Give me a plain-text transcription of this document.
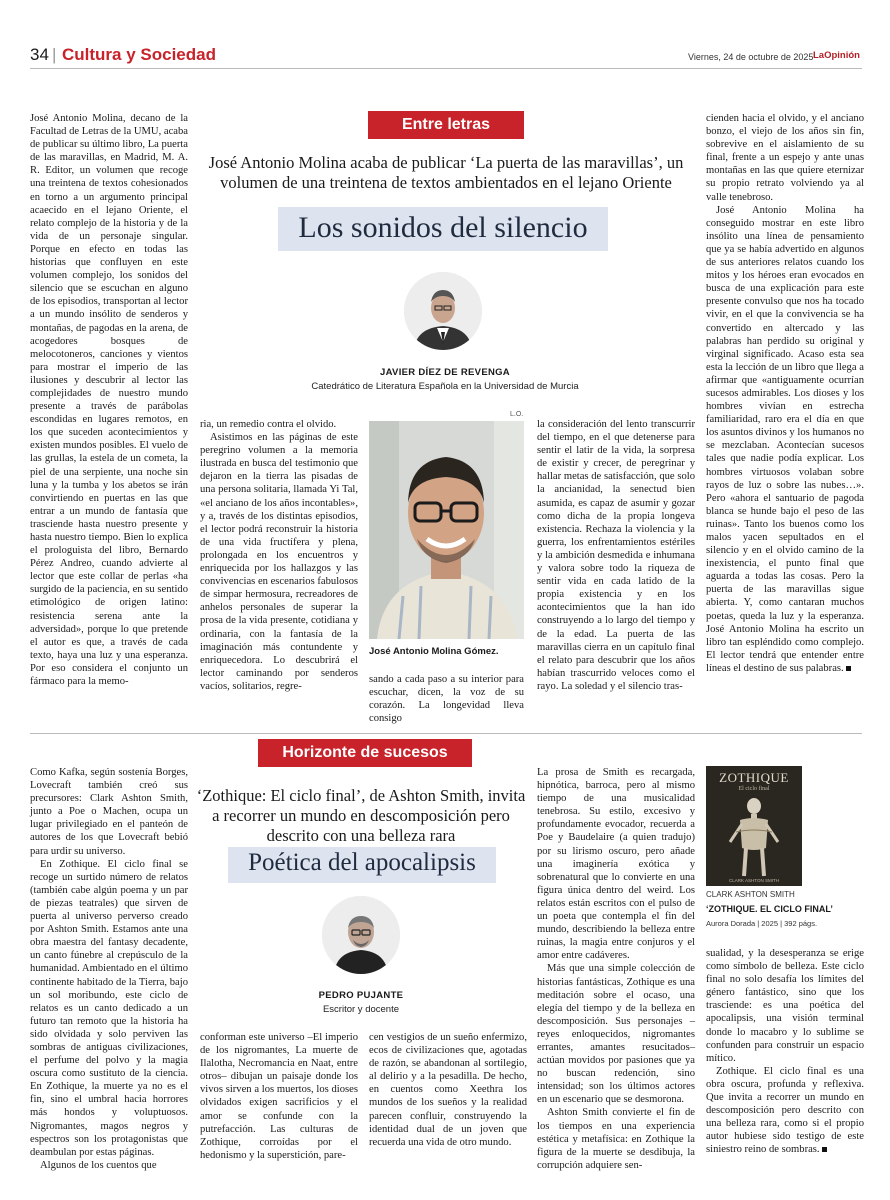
34 | Cultura y Sociedad	Viernes, 24 de octubre de 2025 LaOpinión

José Antonio Molina, decano de la Facultad de Letras de la UMU, acaba de publicar su último libro, La puerta de las maravillas, en Madrid, M. A. R. Editor, un volumen que recoge una treintena de textos cohesionados en torno a un argumento principal acaecido en el lejano Oriente, el relato complejo de la historia y de la vida de un personaje singular. Porque en efecto en todas las historias que confluyen en este volumen complejo, los sonidos del silencio que se escuchan en alguno de los episodios, transportan al lector a un mundo insólito de senderos y montañas, de pagodas en la arena, de acogedores bosques de melocotoneros, canciones y vientos para mostrar el imperio de las ilusiones y descubrir al lector las complejidades de nuestro mundo presente a través de parábolas escondidas en lugares remotos, en los que suceden acontecimientos y existen mundos posibles. El vuelo de las grullas, la estela de un cometa, la piel de una serpiente, una noche sin luna y la tumba y los abetos se irán convirtiendo en puertas en las que entrar a un mundo de fantasía que trasciende hasta nuestro presente y hasta nuestro tiempo. Bien lo explica el prologuista del libro, Bernardo Pérez Andreo, cuando advierte al lector que este collar de perlas «ha surgido de la paciencia, en su sentido etimológico de origen latino: resistencia serena ante la adversidad», porque lo que pretende el autor es que, a través de cada texto, haya una luz y una esperanza. Por eso considera el conjunto un fármaco para la memo-

Entre letras
José Antonio Molina acaba de publicar ‘La puerta de las maravillas’, un volumen de una treintena de textos ambientados en el lejano Oriente
Los sonidos del silencio
JAVIER DÍEZ DE REVENGA
Catedrático de Literatura Española en la Universidad de Murcia

ria, un remedio contra el olvido.

Asistimos en las páginas de este peregrino volumen a la memoria ilustrada en busca del testimonio que dejaron en la tierra las pisadas de una persona solitaria, llamada Yi Tal, «el anciano de los años incontables», y a, través de los distintas episodios, el lector podrá reconstruir la historia de una vida fructífera y plena, prolongada en los encuentros y enriquecida por los hallazgos y las convivencias en escenarios fabulosos de simpar hermosura, recreadores de anhelos personales de superar la prosa de la vida presente, cotidiana y ordinaria, con la fantasía de la imaginación más contundente y enriquecedora. Lo descubrirá el lector caminando por senderos vacíos, solitarios, regre-

L.O.
José Antonio Molina Gómez.

sando a cada paso a su interior para escuchar, dicen, la voz de su corazón. La longevidad lleva consigo

la consideración del lento transcurrir del tiempo, en el que detenerse para sentir el latir de la vida, la sorpresa de existir y crecer, de peregrinar y hallar metas de satisfacción, que solo la ancianidad, la senectud bien asumida, es capaz de asumir y gozar como dicha de la propia longeva existencia. Rechaza la violencia y la guerra, los enfrentamientos estériles y la ambición desmedida e inhumana y valora sobre todo la riqueza de sentir vida en cada latido de la propia existencia y en los acontecimientos que la han ido construyendo a lo largo del tiempo y de la edad. La puerta de las maravillas cierra en un capítulo final el relato para descubrir que los años habían trascurrido veloces como el rayo. La soledad y el silencio tras-

cienden hacia el olvido, y el anciano bonzo, el viejo de los años sin fin, sobrevive en el aislamiento de su final, frente a un espejo y ante unas montañas en las que quiere eternizar su propio retrato volviendo ya al valle tenebroso.

José Antonio Molina ha conseguido mostrar en este libro insólito una línea de pensamiento que ya se había advertido en algunos de sus anteriores relatos cuando los mitos y los héroes eran evocados en busca de una explicación para este presente convulso que nos ha tocado vivir, en el que la convivencia se ha convertido en altercado y las palabras han perdido su original y virginal significado. Acaso esta sea esta la lección de un libro que llega a afirmar que «antiguamente ocurrían sucesos admirables. Los dioses y los hombres vivían en estrecha familiaridad, raro era el día en que los asuntos divinos y los humanos no se mezclaban. Acontecían sucesos tales que nadie podía explicar. Los hombres virtuosos volaban sobre rayos de luz o sobre las nubes…». Pero «ahora el santuario de pagoda blanca se hunde bajo el peso de las ruinas». Tanto los buenos como los malos yacen sepultados en el silencio y en el olvido camino de la inexistencia, el punto final que aguarda a todas las cosas. Pero la puerta de las maravillas sigue abierta. Y, como cantaran muchos poetas, queda la luz y la esperanza. José Antonio Molina ha escrito un libro tan espléndido como complejo. El lector tendrá que entender entre líneas el destino de sus palabras.

Como Kafka, según sostenía Borges, Lovecraft también creó sus precursores: Clark Ashton Smith, junto a Poe o Machen, ocupa un lugar privilegiado en el panteón de autores de los que Lovecraft bebió para urdir su universo.

En Zothique. El ciclo final se recoge un surtido número de relatos (también cabe algún poema y un par de piezas teatrales) que sirven de puerta al universo perverso creado por Ashton Smith. Estamos ante una obra maestra del fantasy decadente, un canto fúnebre al crepúsculo de la humanidad. Ambientado en el último continente habitado de la Tierra, bajo un sol moribundo, este ciclo de relatos es un canto dedicado a un futuro tan remoto que la historia ha sido olvidada y solo perviven las sombras de antiguas civilizaciones, el perfume del polvo y la magia oscura como sustituto de la ciencia. En Zothique, la muerte ya no es el fin, sino el umbral hacia horrores más hondos y voluptuosos. Nigromantes, magos negros y espectros son los protagonistas que deambulan por estas páginas.

Algunos de los cuentos que

Horizonte de sucesos
‘Zothique: El ciclo final’, de Ashton Smith, invita a recorrer un mundo en descomposición pero descrito con una belleza rara
Poética del apocalipsis
PEDRO PUJANTE
Escritor y docente

conforman este universo –El imperio de los nigromantes, La muerte de Ilalotha, Necromancia en Naat, entre otros– dibujan un paisaje donde los vivos sirven a los muertos, los dioses olvidados exigen sacrificios y el amor se confunde con la putrefacción. Las culturas de Zothique, corroídas por el hedonismo y la superstición, pare-

cen vestigios de un sueño enfermizo, ecos de civilizaciones que, agotadas de razón, se abandonan al sortilegio, al delirio y a la pesadilla. De hecho, en cuentos como Xeethra los mundos de los sueños y la realidad parecen confluir, construyendo la identidad dual de un joven que recuerda una vida de otro mundo.

La prosa de Smith es recargada, hipnótica, barroca, pero al mismo tiempo de una musicalidad tenebrosa. Su estilo, excesivo y profundamente evocador, recuerda a Poe y Baudelaire (a quien tradujo) por su lirismo oscuro, pero añade una imaginería exótica y sobrenatural que lo convierte en una figura única dentro del weird. Los relatos están escritos con el pulso de un poeta que contempla el fin del mundo, describiendo la belleza entre ruinas, la magia entre conjuros y el amor entre cadáveres.

Más que una simple colección de historias fantásticas, Zothique es una meditación sobre el ocaso, una elegía del tiempo y de la belleza en descomposición. Sus personajes –reyes enloquecidos, nigromantes errantes, amantes resucitados– actúan movidos por pasiones que ya no buscan redención, sino intensidad; son los últimos actores en un escenario que se desmorona.

Ashton Smith convierte el fin de los tiempos en una experiencia estética y metafísica: en Zothique la figura de la muerte se desdibuja, la corrupción adquiere sen-

ZOTHIQUE
El ciclo final
CLARK ASHTON SMITH
CLARK ASHTON SMITH
‘ZOTHIQUE. EL CICLO FINAL’
Aurora Dorada | 2025 | 392 págs.

sualidad, y la desesperanza se erige como símbolo de belleza. Este ciclo final no solo desafía los límites del género fantástico, sino que los trasciende: es una poética del apocalipsis, una visión terminal donde lo macabro y lo sublime se confunden para construir un espacio mítico.

Zothique. El ciclo final es una obra oscura, profunda y reflexiva. Que invita a recorrer un mundo en descomposición pero descrito con una belleza rara, como si el propio autor hubiese sido testigo de este siniestro reino de sombras.
